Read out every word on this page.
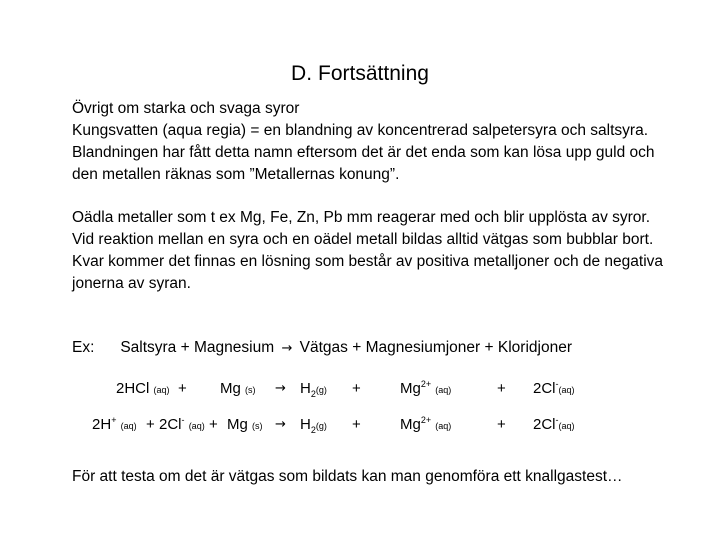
D. Fortsättning
Övrigt om starka och svaga syror
Kungsvatten (aqua regia) = en blandning av koncentrerad salpetersyra och saltsyra. Blandningen har fått detta namn eftersom det är det enda som kan lösa upp guld och den metallen räknas som ”Metallernas konung”.
Oädla metaller som t ex Mg, Fe, Zn, Pb mm reagerar med och blir upplösta av syror.
Vid reaktion mellan en syra och en oädel metall bildas alltid vätgas som bubblar bort. Kvar kommer det finnas en lösning som består av positiva metalljoner och de negativa jonerna av syran.
Ex: Saltsyra + Magnesium → Vätgas + Magnesiumjoner + Kloridjoner
2HCl (aq) + Mg $(s) \to H_2(g)$ +	$Mg^{2+}$ (aq)	+ 2Cl-(aq)
2H+ (aq) + 2Cl- (aq) + Mg $(s) \to H_2(g)$ +	$Mg^{2+}$ (aq)	+ 2Cl-(aq)
För att testa om det är vätgas som bildats kan man genomföra ett knallgastest…
